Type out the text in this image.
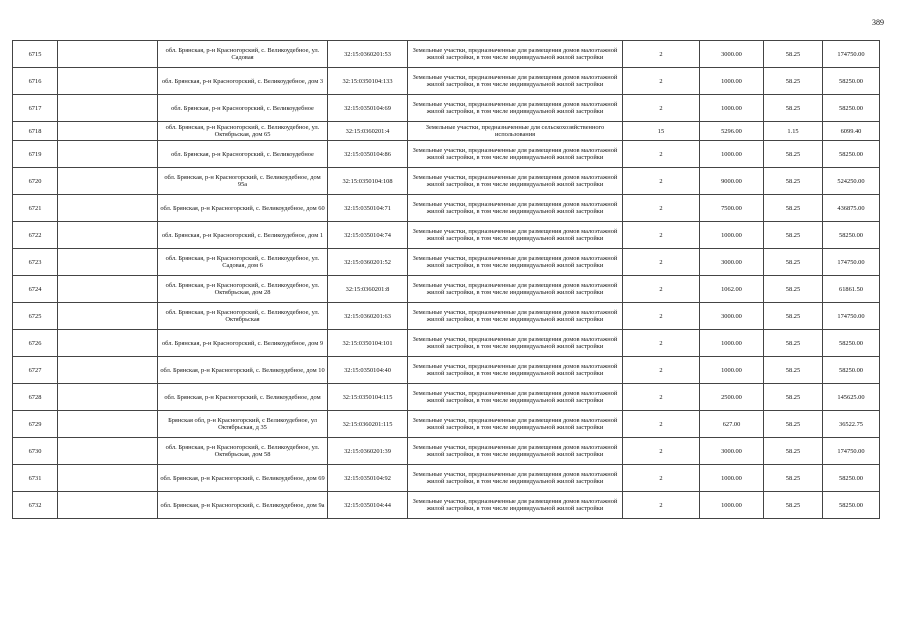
389
6715		обл. Брянская, р-н Красногорский, с. Великоудебное, ул. Садовая	32:15:0360201:53	Земельные участки, предназначенные для размещения домов малоэтажной жилой застройки, в том числе индивидуальной жилой застройки	2	3000.00	58.25	174750.00
6716		обл. Брянская, р-н Красногорский, с. Великоудебное, дом 3	32:15:0350104:133	Земельные участки, предназначенные для размещения домов малоэтажной жилой застройки, в том числе индивидуальной жилой застройки	2	1000.00	58.25	58250.00
6717		обл. Брянская, р-н Красногорский, с. Великоудебное	32:15:0350104:69	Земельные участки, предназначенные для размещения домов малоэтажной жилой застройки, в том числе индивидуальной жилой застройки	2	1000.00	58.25	58250.00
6718		обл. Брянская, р-н Красногорский, с. Великоудебное, ул. Октябрьская, дом 65	32:15:0360201:4	Земельные участки, предназначенные для сельскохозяйственного использования	15	5296.00	1.15	6099.40
6719		обл. Брянская, р-н Красногорский, с. Великоудебное	32:15:0350104:86	Земельные участки, предназначенные для размещения домов малоэтажной жилой застройки, в том числе индивидуальной жилой застройки	2	1000.00	58.25	58250.00
6720		обл. Брянская, р-н Красногорский, с. Великоудебное, дом 95а	32:15:0350104:108	Земельные участки, предназначенные для размещения домов малоэтажной жилой застройки, в том числе индивидуальной жилой застройки	2	9000.00	58.25	524250.00
6721		обл. Брянская, р-н Красногорский, с. Великоудебное, дом 60	32:15:0350104:71	Земельные участки, предназначенные для размещения домов малоэтажной жилой застройки, в том числе индивидуальной жилой застройки	2	7500.00	58.25	436875.00
6722		обл. Брянская, р-н Красногорский, с. Великоудебное, дом 1	32:15:0350104:74	Земельные участки, предназначенные для размещения домов малоэтажной жилой застройки, в том числе индивидуальной жилой застройки	2	1000.00	58.25	58250.00
6723		обл. Брянская, р-н Красногорский, с. Великоудебное, ул. Садовая, дом 6	32:15:0360201:52	Земельные участки, предназначенные для размещения домов малоэтажной жилой застройки, в том числе индивидуальной жилой застройки	2	3000.00	58.25	174750.00
6724		обл. Брянская, р-н Красногорский, с. Великоудебное, ул. Октябрьская, дом 28	32:15:0360201:8	Земельные участки, предназначенные для размещения домов малоэтажной жилой застройки, в том числе индивидуальной жилой застройки	2	1062.00	58.25	61861.50
6725		обл. Брянская, р-н Красногорский, с. Великоудебное, ул. Октябрьская	32:15:0360201:63	Земельные участки, предназначенные для размещения домов малоэтажной жилой застройки, в том числе индивидуальной жилой застройки	2	3000.00	58.25	174750.00
6726		обл. Брянская, р-н Красногорский, с. Великоудебное, дом 9	32:15:0350104:101	Земельные участки, предназначенные для размещения домов малоэтажной жилой застройки, в том числе индивидуальной жилой застройки	2	1000.00	58.25	58250.00
6727		обл. Брянская, р-н Красногорский, с. Великоудебное, дом 10	32:15:0350104:40	Земельные участки, предназначенные для размещения домов малоэтажной жилой застройки, в том числе индивидуальной жилой застройки	2	1000.00	58.25	58250.00
6728		обл. Брянская, р-н Красногорский, с. Великоудебное, дом	32:15:0350104:115	Земельные участки, предназначенные для размещения домов малоэтажной жилой застройки, в том числе индивидуальной жилой застройки	2	2500.00	58.25	145625.00
6729		Брянская обл, р-н Красногорский, с Великоудебное, ул Октябрьская, д 35	32:15:0360201:115	Земельные участки, предназначенные для размещения домов малоэтажной жилой застройки, в том числе индивидуальной жилой застройки	2	627.00	58.25	36522.75
6730		обл. Брянская, р-н Красногорский, с. Великоудебное, ул. Октябрьская, дом 58	32:15:0360201:39	Земельные участки, предназначенные для размещения домов малоэтажной жилой застройки, в том числе индивидуальной жилой застройки	2	3000.00	58.25	174750.00
6731		обл. Брянская, р-н Красногорский, с. Великоудебное, дом 69	32:15:0350104:92	Земельные участки, предназначенные для размещения домов малоэтажной жилой застройки, в том числе индивидуальной жилой застройки	2	1000.00	58.25	58250.00
6732		обл. Брянская, р-н Красногорский, с. Великоудебное, дом 9а	32:15:0350104:44	Земельные участки, предназначенные для размещения домов малоэтажной жилой застройки, в том числе индивидуальной жилой застройки	2	1000.00	58.25	58250.00
